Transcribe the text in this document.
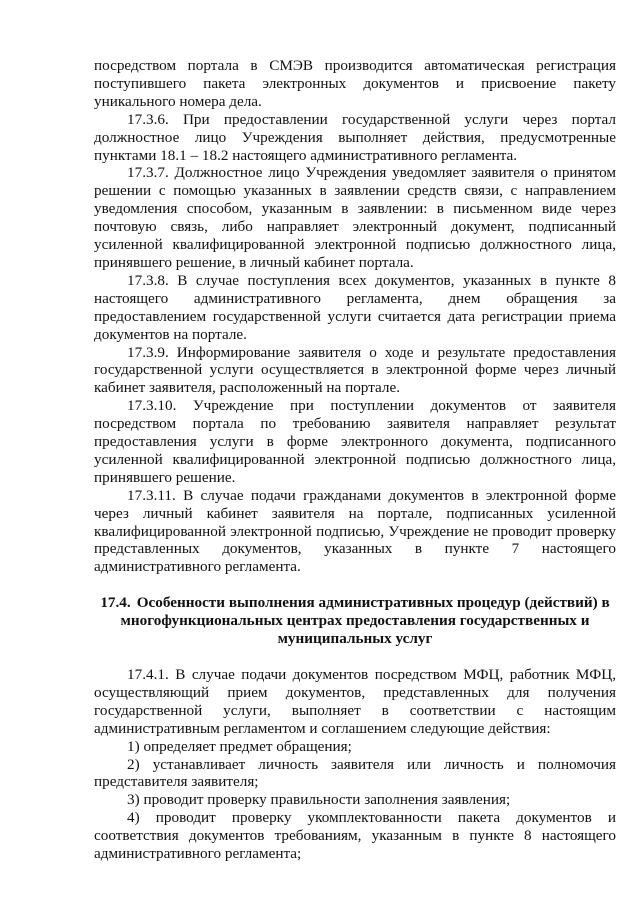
посредством портала в СМЭВ производится автоматическая регистрация поступившего пакета электронных документов и присвоение пакету уникального номера дела.

17.3.6. При предоставлении государственной услуги через портал должностное лицо Учреждения выполняет действия, предусмотренные пунктами 18.1 – 18.2 настоящего административного регламента.

17.3.7. Должностное лицо Учреждения уведомляет заявителя о принятом решении с помощью указанных в заявлении средств связи, с направлением уведомления способом, указанным в заявлении: в письменном виде через почтовую связь, либо направляет электронный документ, подписанный усиленной квалифицированной электронной подписью должностного лица, принявшего решение, в личный кабинет портала.

17.3.8. В случае поступления всех документов, указанных в пункте 8 настоящего административного регламента, днем обращения за предоставлением государственной услуги считается дата регистрации приема документов на портале.

17.3.9. Информирование заявителя о ходе и результате предоставления государственной услуги осуществляется в электронной форме через личный кабинет заявителя, расположенный на портале.

17.3.10. Учреждение при поступлении документов от заявителя посредством портала по требованию заявителя направляет результат предоставления услуги в форме электронного документа, подписанного усиленной квалифицированной электронной подписью должностного лица, принявшего решение.

17.3.11. В случае подачи гражданами документов в электронной форме через личный кабинет заявителя на портале, подписанных усиленной квалифицированной электронной подписью, Учреждение не проводит проверку представленных документов, указанных в пункте 7 настоящего административного регламента.

17.4. Особенности выполнения административных процедур (действий) в многофункциональных центрах предоставления государственных и муниципальных услуг

17.4.1. В случае подачи документов посредством МФЦ, работник МФЦ, осуществляющий прием документов, представленных для получения государственной услуги, выполняет в соответствии с настоящим административным регламентом и соглашением следующие действия:

1) определяет предмет обращения;

2) устанавливает личность заявителя или личность и полномочия представителя заявителя;

3) проводит проверку правильности заполнения заявления;

4) проводит проверку укомплектованности пакета документов и соответствия документов требованиям, указанным в пункте 8 настоящего административного регламента;
